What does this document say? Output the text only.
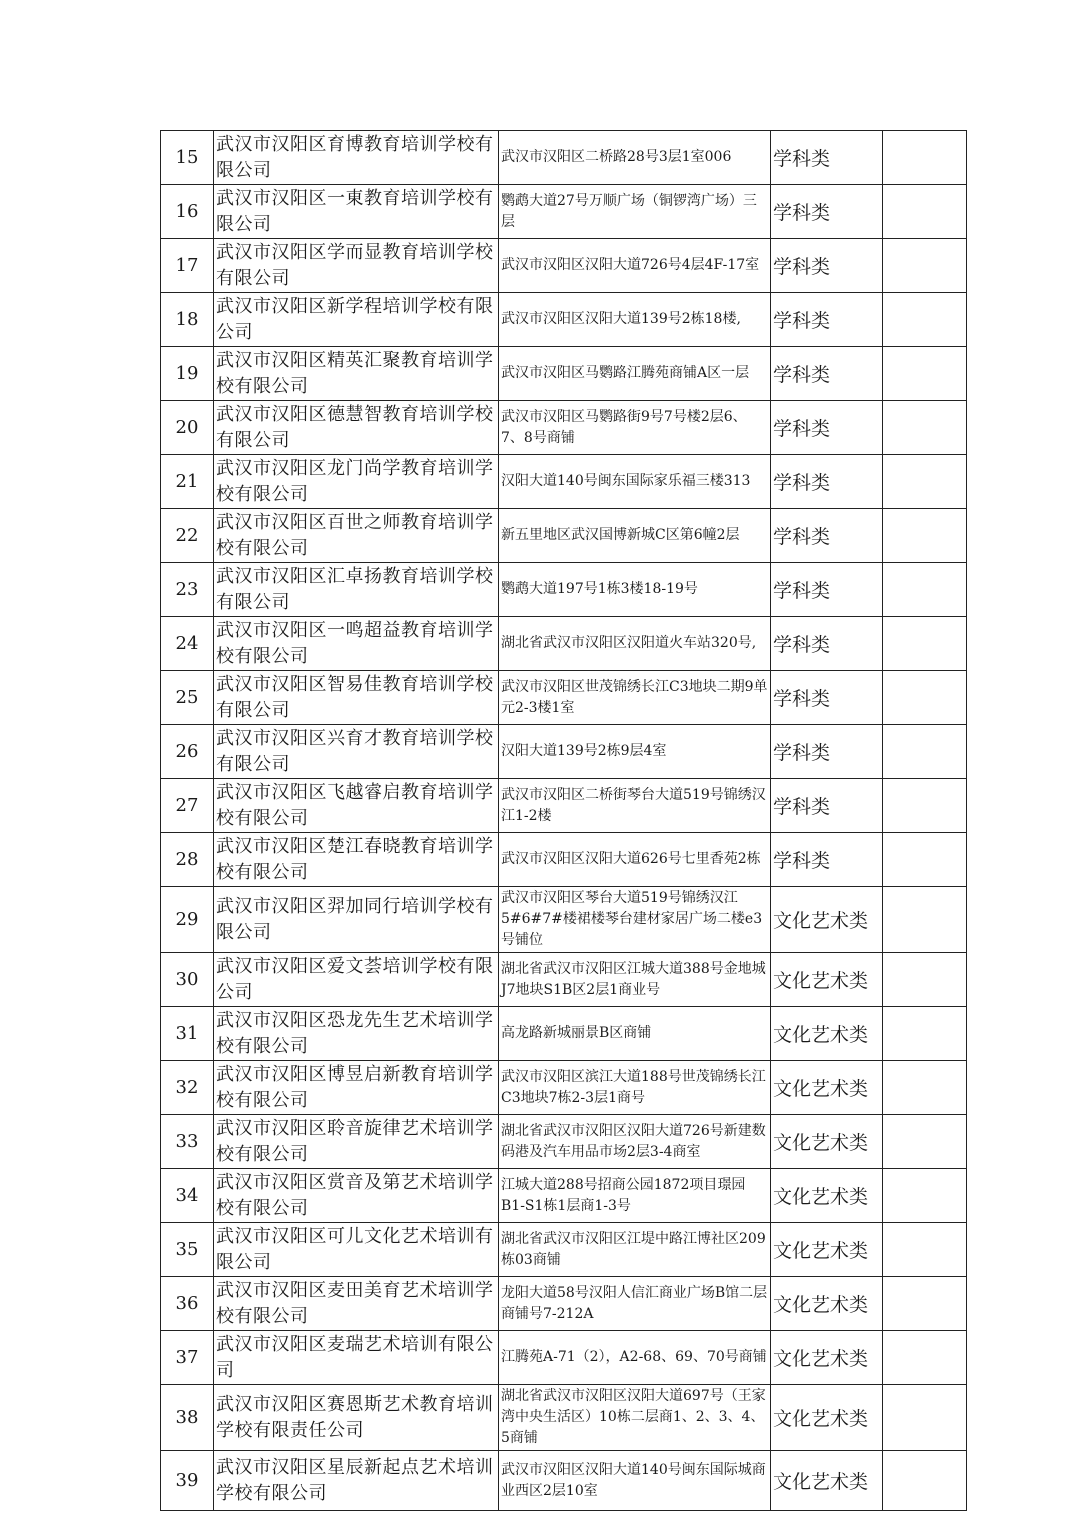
15	武汉市汉阳区育博教育培训学校有限公司	武汉市汉阳区二桥路28号3层1室006	学科类	
16	武汉市汉阳区一東教育培训学校有限公司	鹦鹉大道27号万顺广场（铜锣湾广场）三层	学科类	
17	武汉市汉阳区学而显教育培训学校有限公司	武汉市汉阳区汉阳大道726号4层4F-17室	学科类	
18	武汉市汉阳区新学程培训学校有限公司	武汉市汉阳区汉阳大道139号2栋18楼,	学科类	
19	武汉市汉阳区精英汇聚教育培训学校有限公司	武汉市汉阳区马鹦路江腾苑商铺A区一层	学科类	
20	武汉市汉阳区德慧智教育培训学校有限公司	武汉市汉阳区马鹦路街9号7号楼2层6、7、8号商铺	学科类	
21	武汉市汉阳区龙门尚学教育培训学校有限公司	汉阳大道140号闽东国际家乐福三楼313	学科类	
22	武汉市汉阳区百世之师教育培训学校有限公司	新五里地区武汉国博新城C区第6幢2层	学科类	
23	武汉市汉阳区汇卓扬教育培训学校有限公司	鹦鹉大道197号1栋3楼18-19号	学科类	
24	武汉市汉阳区一鸣超益教育培训学校有限公司	湖北省武汉市汉阳区汉阳道火车站320号,	学科类	
25	武汉市汉阳区智易佳教育培训学校有限公司	武汉市汉阳区世茂锦绣长江C3地块二期9单元2-3楼1室	学科类	
26	武汉市汉阳区兴育才教育培训学校有限公司	汉阳大道139号2栋9层4室	学科类	
27	武汉市汉阳区飞越睿启教育培训学校有限公司	武汉市汉阳区二桥街琴台大道519号锦绣汉江1-2楼	学科类	
28	武汉市汉阳区楚江春晓教育培训学校有限公司	武汉市汉阳区汉阳大道626号七里香苑2栋	学科类	
29	武汉市汉阳区羿加同行培训学校有限公司	武汉市汉阳区琴台大道519号锦绣汉江5#6#7#楼裙楼琴台建材家居广场二楼e3号铺位	文化艺术类	
30	武汉市汉阳区爱文荟培训学校有限公司	湖北省武汉市汉阳区江城大道388号金地城J7地块S1B区2层1商业号	文化艺术类	
31	武汉市汉阳区恐龙先生艺术培训学校有限公司	高龙路新城丽景B区商铺	文化艺术类	
32	武汉市汉阳区博昱启新教育培训学校有限公司	武汉市汉阳区滨江大道188号世茂锦绣长江C3地块7栋2-3层1商号	文化艺术类	
33	武汉市汉阳区聆音旋律艺术培训学校有限公司	湖北省武汉市汉阳区汉阳大道726号新建数码港及汽车用品市场2层3-4商室	文化艺术类	
34	武汉市汉阳区赏音及第艺术培训学校有限公司	江城大道288号招商公园1872项目璟园B1-S1栋1层商1-3号	文化艺术类	
35	武汉市汉阳区可儿文化艺术培训有限公司	湖北省武汉市汉阳区江堤中路江博社区209栋03商铺	文化艺术类	
36	武汉市汉阳区麦田美育艺术培训学校有限公司	龙阳大道58号汉阳人信汇商业广场B馆二层商铺号7-212A	文化艺术类	
37	武汉市汉阳区麦瑞艺术培训有限公司	江腾苑A-71（2），A2-68、69、70号商铺	文化艺术类	
38	武汉市汉阳区赛恩斯艺术教育培训学校有限责任公司	湖北省武汉市汉阳区汉阳大道697号（王家湾中央生活区）10栋二层商1、2、3、4、5商铺	文化艺术类	
39	武汉市汉阳区星辰新起点艺术培训学校有限公司	武汉市汉阳区汉阳大道140号闽东国际城商业西区2层10室	文化艺术类	
